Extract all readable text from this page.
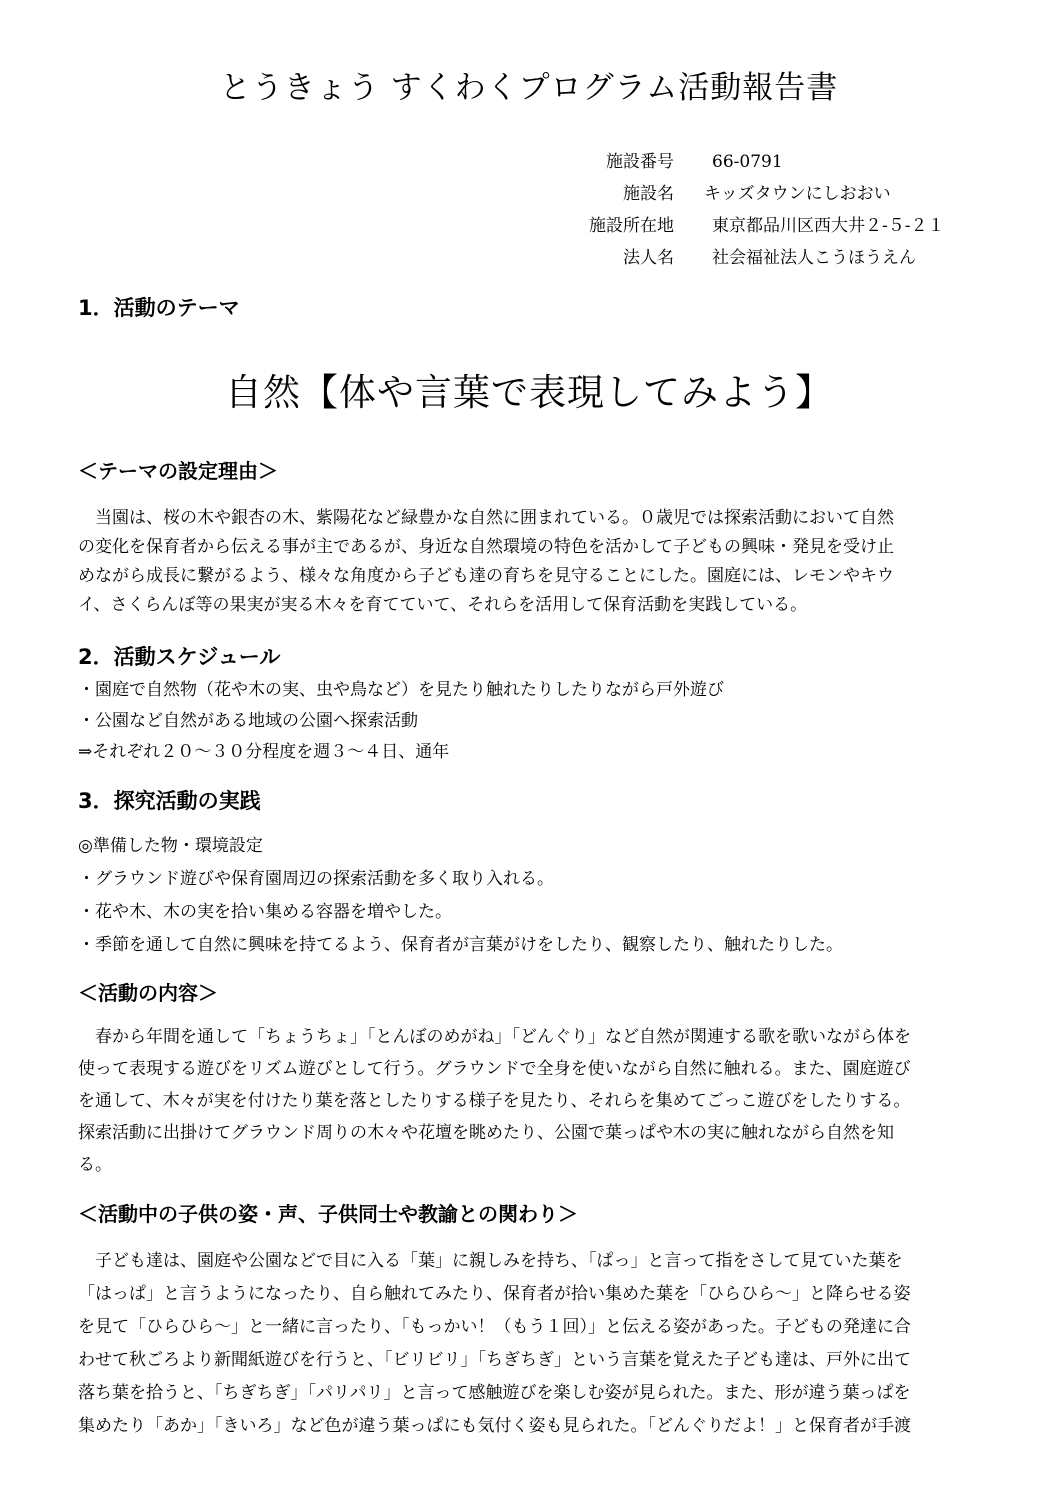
とうきょう すくわくプログラム活動報告書
施設番号 66-0791
施設名 キッズタウンにしおおい
施設所在地 東京都品川区西大井２-５-２１
法人名 社会福祉法人こうほうえん
1．活動のテーマ
自然【体や言葉で表現してみよう】
＜テーマの設定理由＞

　当園は、桜の木や銀杏の木、紫陽花など緑豊かな自然に囲まれている。０歳児では探索活動において自然

の変化を保育者から伝える事が主であるが、身近な自然環境の特色を活かして子どもの興味・発見を受け止

めながら成長に繋がるよう、様々な角度から子ども達の育ちを見守ることにした。園庭には、レモンやキウ

イ、さくらんぼ等の果実が実る木々を育てていて、それらを活用して保育活動を実践している。

2．活動スケジュール

・園庭で自然物（花や木の実、虫や鳥など）を見たり触れたりしたりながら戸外遊び

・公園など自然がある地域の公園へ探索活動

⇒それぞれ２０～３０分程度を週３～４日、通年

3．探究活動の実践

◎準備した物・環境設定

・グラウンド遊びや保育園周辺の探索活動を多く取り入れる。

・花や木、木の実を拾い集める容器を増やした。

・季節を通して自然に興味を持てるよう、保育者が言葉がけをしたり、観察したり、触れたりした。

＜活動の内容＞

　春から年間を通して「ちょうちょ」「とんぼのめがね」「どんぐり」など自然が関連する歌を歌いながら体を

使って表現する遊びをリズム遊びとして行う。グラウンドで全身を使いながら自然に触れる。また、園庭遊び

を通して、木々が実を付けたり葉を落としたりする様子を見たり、それらを集めてごっこ遊びをしたりする。

探索活動に出掛けてグラウンド周りの木々や花壇を眺めたり、公園で葉っぱや木の実に触れながら自然を知

る。

＜活動中の子供の姿・声、子供同士や教諭との関わり＞

　子ども達は、園庭や公園などで目に入る「葉」に親しみを持ち、「ぱっ」と言って指をさして見ていた葉を

「はっぱ」と言うようになったり、自ら触れてみたり、保育者が拾い集めた葉を「ひらひら～」と降らせる姿

を見て「ひらひら～」と一緒に言ったり、「もっかい！（もう１回）」と伝える姿があった。子どもの発達に合

わせて秋ごろより新聞紙遊びを行うと、「ビリビリ」「ちぎちぎ」という言葉を覚えた子ども達は、戸外に出て

落ち葉を拾うと、「ちぎちぎ」「パリパリ」と言って感触遊びを楽しむ姿が見られた。また、形が違う葉っぱを

集めたり「あか」「きいろ」など色が違う葉っぱにも気付く姿も見られた。「どんぐりだよ！」と保育者が手渡
